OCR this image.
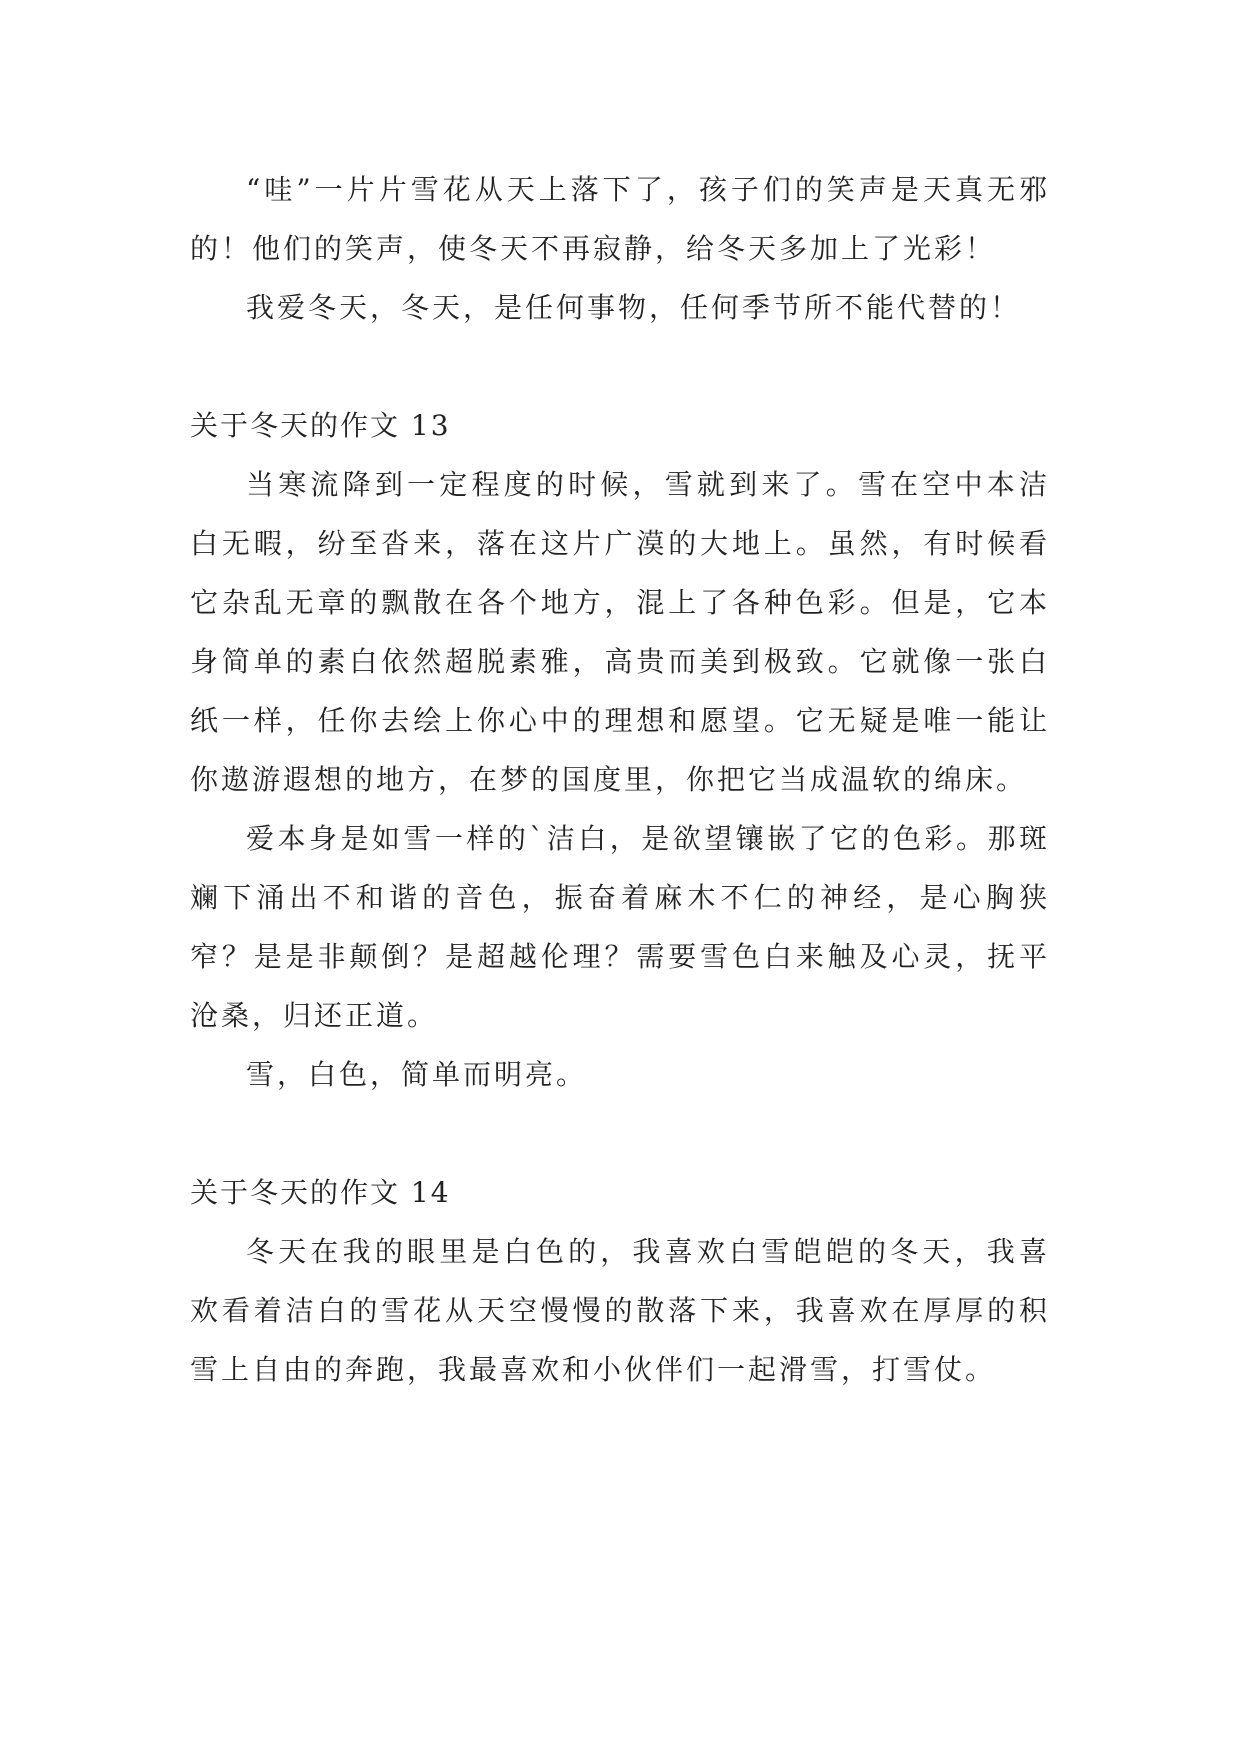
“哇”一片片雪花从天上落下了，孩子们的笑声是天真无邪的！他们的笑声，使冬天不再寂静，给冬天多加上了光彩！

我爱冬天，冬天，是任何事物，任何季节所不能代替的！

关于冬天的作文 13

当寒流降到一定程度的时候，雪就到来了。雪在空中本洁白无暇，纷至沓来，落在这片广漠的大地上。虽然，有时候看它杂乱无章的飘散在各个地方，混上了各种色彩。但是，它本身简单的素白依然超脱素雅，高贵而美到极致。它就像一张白纸一样，任你去绘上你心中的理想和愿望。它无疑是唯一能让你遨游遐想的地方，在梦的国度里，你把它当成温软的绵床。

爱本身是如雪一样的`洁白，是欲望镶嵌了它的色彩。那斑斓下涌出不和谐的音色，振奋着麻木不仁的神经，是心胸狭窄？是是非颠倒？是超越伦理？需要雪色白来触及心灵，抚平沧桑，归还正道。

雪，白色，简单而明亮。

关于冬天的作文 14

冬天在我的眼里是白色的，我喜欢白雪皑皑的冬天，我喜欢看着洁白的雪花从天空慢慢的散落下来，我喜欢在厚厚的积雪上自由的奔跑，我最喜欢和小伙伴们一起滑雪，打雪仗。
